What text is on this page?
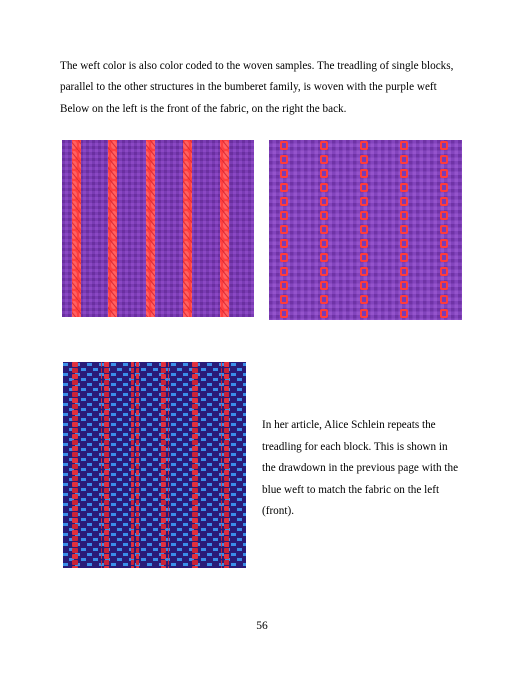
The weft color is also color coded to the woven samples. The treadling of single blocks, parallel to the other structures in the bumberet family, is woven with the purple weft

Below on the left is the front of the fabric, on the right the back.

In her article, Alice Schlein repeats the treadling for each block. This is shown in the drawdown in the previous page with the blue weft to match the fabric on the left (front).

56
